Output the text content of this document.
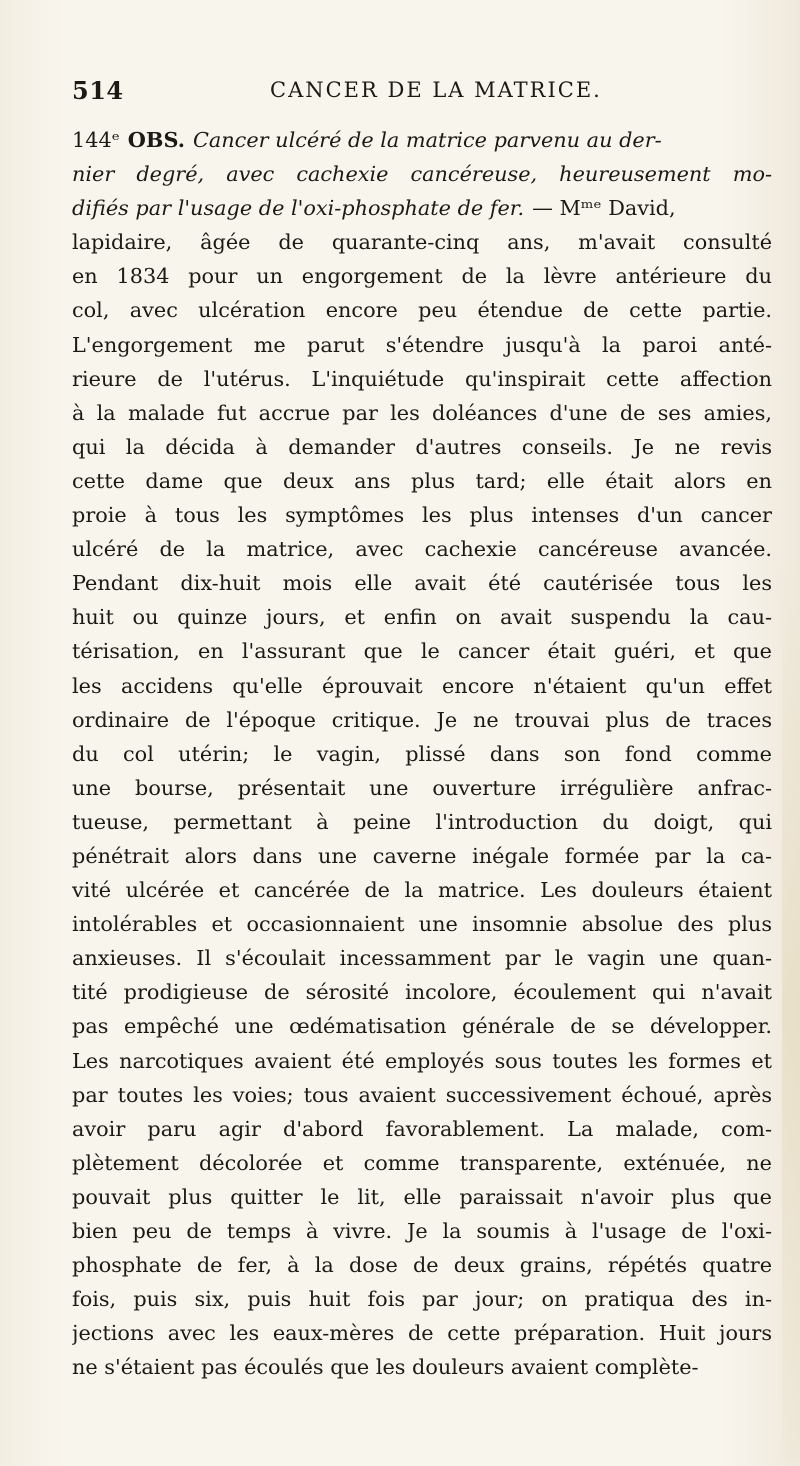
514	CANCER DE LA MATRICE.
144ᵉ OBS. Cancer ulcéré de la matrice parvenu au der-
nier degré, avec cachexie cancéreuse, heureusement mo-
difiés par l'usage de l'oxi-phosphate de fer. — Mᵐᵉ David,
lapidaire, âgée de quarante-cinq ans, m'avait consulté
en 1834 pour un engorgement de la lèvre antérieure du
col, avec ulcération encore peu étendue de cette partie.
L'engorgement me parut s'étendre jusqu'à la paroi anté-
rieure de l'utérus. L'inquiétude qu'inspirait cette affection
à la malade fut accrue par les doléances d'une de ses amies,
qui la décida à demander d'autres conseils. Je ne revis
cette dame que deux ans plus tard; elle était alors en
proie à tous les symptômes les plus intenses d'un cancer
ulcéré de la matrice, avec cachexie cancéreuse avancée.
Pendant dix-huit mois elle avait été cautérisée tous les
huit ou quinze jours, et enfin on avait suspendu la cau-
térisation, en l'assurant que le cancer était guéri, et que
les accidens qu'elle éprouvait encore n'étaient qu'un effet
ordinaire de l'époque critique. Je ne trouvai plus de traces
du col utérin; le vagin, plissé dans son fond comme
une bourse, présentait une ouverture irrégulière anfrac-
tueuse, permettant à peine l'introduction du doigt, qui
pénétrait alors dans une caverne inégale formée par la ca-
vité ulcérée et cancérée de la matrice. Les douleurs étaient
intolérables et occasionnaient une insomnie absolue des plus
anxieuses. Il s'écoulait incessamment par le vagin une quan-
tité prodigieuse de sérosité incolore, écoulement qui n'avait
pas empêché une œdématisation générale de se développer.
Les narcotiques avaient été employés sous toutes les formes et
par toutes les voies; tous avaient successivement échoué, après
avoir paru agir d'abord favorablement. La malade, com-
plètement décolorée et comme transparente, exténuée, ne
pouvait plus quitter le lit, elle paraissait n'avoir plus que
bien peu de temps à vivre. Je la soumis à l'usage de l'oxi-
phosphate de fer, à la dose de deux grains, répétés quatre
fois, puis six, puis huit fois par jour; on pratiqua des in-
jections avec les eaux-mères de cette préparation. Huit jours
ne s'étaient pas écoulés que les douleurs avaient complète-
